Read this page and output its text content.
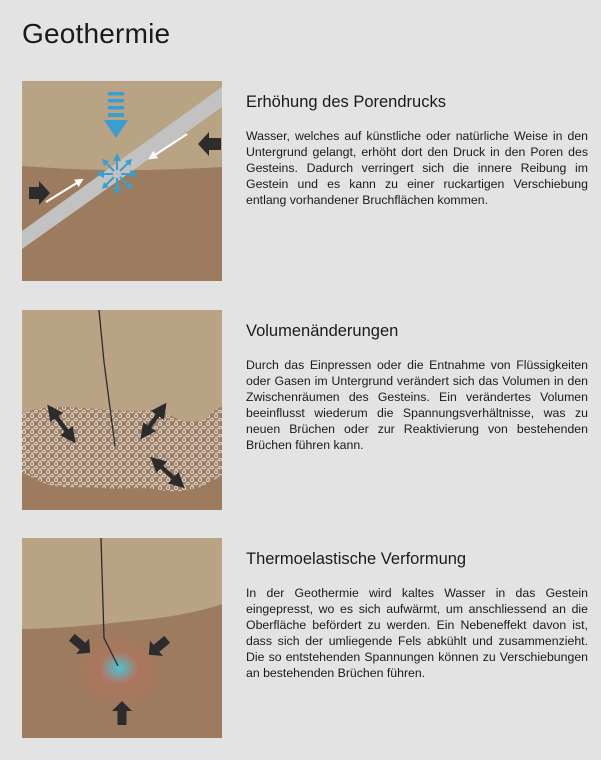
Geothermie
Erhöhung des Porendrucks

Wasser, welches auf künstliche oder natürliche Weise in den Untergrund gelangt, erhöht dort den Druck in den Poren des Gesteins. Dadurch verringert sich die innere Reibung im Gestein und es kann zu einer ruckartigen Verschiebung entlang vorhandener Bruchflächen kommen.

Volumenänderungen

Durch das Einpressen oder die Entnahme von Flüssigkeiten oder Gasen im Untergrund verändert sich das Volumen in den Zwischenräumen des Gesteins. Ein verändertes Volumen beeinflusst wiederum die Spannungsverhältnisse, was zu neuen Brüchen oder zur Reaktivierung von bestehenden Brüchen führen kann.

Thermoelastische Verformung

In der Geothermie wird kaltes Wasser in das Gestein eingepresst, wo es sich aufwärmt, um anschliessend an die Oberfläche befördert zu werden. Ein Nebeneffekt davon ist, dass sich der umliegende Fels abkühlt und zusammenzieht. Die so entstehenden Spannungen können zu Verschiebungen an bestehenden Brüchen führen.
